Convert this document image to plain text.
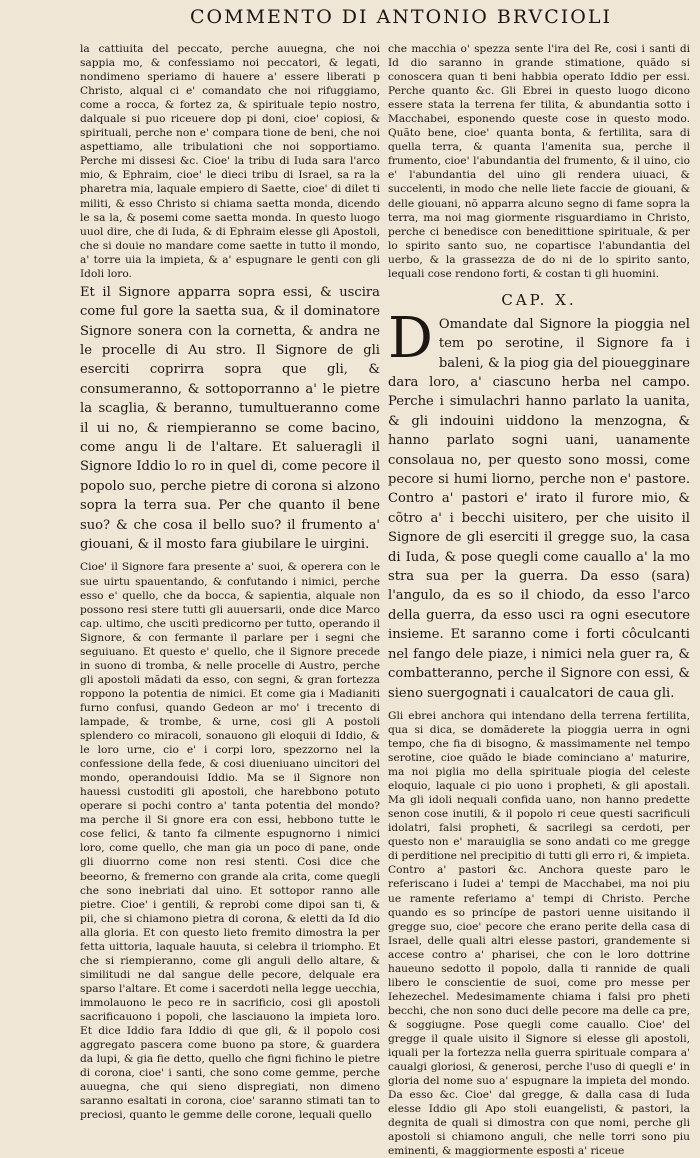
COMMENTO DI ANTONIO BRVCIOLI

la cattiuita del peccato, perche auuegna, che noi sappia mo, & confessiamo noi peccatori, & legati, nondimeno speriamo di hauere a' essere liberati p Christo, alqual ci e' comandato che noi rifuggiamo, come a rocca, & fortez za, & spirituale tepio nostro, dalquale si puo riceuere dop pi doni, cioe' copiosi, & spirituali, perche non e' compara tione de beni, che noi aspettiamo, alle tribulationi che noi sopportiamo. Perche mi dissesi &c. Cioe' la tribu di Iuda sara l'arco mio, & Ephraim, cioe' le dieci tribu di Israel, sa ra la pharetra mia, laquale empiero di Saette, cioe' di dilet ti militi, & esso Christo si chiama saetta monda, dicendo le sa la, & posemi come saetta monda. In questo luogo uuol dire, che di Iuda, & di Ephraim elesse gli Apostoli, che si douie no mandare come saette in tutto il mondo, a' torre uia la impieta, & a' espugnare le genti con gli Idoli loro.

Et il Signore apparra sopra essi, & uscira come ful gore la saetta sua, & il dominatore Signore sonera con la cornetta, & andra ne le procelle di Au stro. Il Signore de gli eserciti coprirra sopra que gli, & consumeranno, & sottoporranno a' le pietre la scaglia, & beranno, tumultueranno come il ui no, & riempieranno se come bacino, come angu li de l'altare. Et salueragli il Signore Iddio lo ro in quel di, come pecore il popolo suo, perche pietre di corona si alzono sopra la terra sua. Per che quanto il bene suo? & che cosa il bello suo? il frumento a' giouani, & il mosto fara giubilare le uirgini.

Cioe' il Signore fara presente a' suoi, & operera con le sue uirtu spauentando, & confutando i nimici, perche esso e' quello, che da bocca, & sapientia, alquale non possono resi stere tutti gli auuersarii, onde dice Marco cap. ultimo, che uscitì predicorno per tutto, operando il Signore, & con fermante il parlare per i segni che seguiuano. Et questo e' quello, che il Signore precede in suono di tromba, & nelle procelle di Austro, perche gli apostoli mãdati da esso, con segni, & gran fortezza roppono la potentia de nimici. Et come gia i Madianiti furno confusi, quando Gedeon ar mo' i trecento di lampade, & trombe, & urne, cosi gli A postoli splendero co miracoli, sonauono gli eloquii di Iddio, & le loro urne, cio e' i corpi loro, spezzorno nel la confessione della fede, & cosi diueniuano uincitori del mondo, operandouisi Iddio. Ma se il Signore non hauessi custoditi gli apostoli, che harebbono potuto operare si pochi contro a' tanta potentia del mondo? ma perche il Si gnore era con essi, hebbono tutte le cose felici, & tanto fa cilmente espugnorno i nimici loro, come quello, che man gia un poco di pane, onde gli diuorrno come non resi stenti. Cosi dice che beeorno, & fremerno con grande ala crita, come quegli che sono inebriati dal uino. Et sottopor ranno alle pietre. Cioe' i gentili, & reprobi come dipoi san ti, & pii, che si chiamono pietra di corona, & eletti da Id dio alla gloria. Et con questo lieto fremito dimostra la per fetta uittoria, laquale hauuta, si celebra il triompho. Et che si riempieranno, come gli anguli dello altare, & similitudi ne dal sangue delle pecore, delquale era sparso l'altare. Et come i sacerdoti nella legge uecchia, immolauono le peco re in sacrificio, cosi gli apostoli sacrificauono i popoli, che lasciauono la impieta loro. Et dice Iddio fara Iddio di que gli, & il popolo cosi aggregato pascera come buono pa store, & guardera da lupi, & gia fie detto, quello che figni fichino le pietre di corona, cioe' i santi, che sono come gemme, perche auuegna, che qui sieno dispregiati, non dimeno saranno esaltati in corona, cioe' saranno stimati tan to preciosi, quanto le gemme delle corone, lequali quello

che macchia o' spezza sente l'ira del Re, cosi i santi di Id dio saranno in grande stimatione, quãdo si conoscera quan ti beni habbia operato Iddio per essi. Perche quanto &c. Gli Ebrei in questo luogo dicono essere stata la terrena fer tilita, & abundantia sotto i Macchabei, esponendo queste cose in questo modo. Quãto bene, cioe' quanta bonta, & fertilita, sara di quella terra, & quanta l'amenita sua, perche il frumento, cioe' l'abundantia del frumento, & il uino, cio e' l'abundantia del uino gli rendera uiuaci, & succelenti, in modo che nelle liete faccie de giouani, & delle giouani, nõ apparra alcuno segno di fame sopra la terra, ma noi mag giormente risguardiamo in Christo, perche ci benedisce con benedittione spirituale, & per lo spirito santo suo, ne copartisce l'abundantia del uerbo, & la grassezza de do ni de lo spirito santo, lequali cose rendono forti, & costan ti gli huomini.

CAP. X.
D Omandate dal Signore la pioggia nel tem po serotine, il Signore fa i baleni, & la piog gia del piouegginare dara loro, a' ciascuno herba nel campo. Perche i simulachri hanno parlato la uanita, & gli indouini uiddono la menzogna, & hanno parlato sogni uani, uanamente consolaua no, per questo sono mossi, come pecore si humi liorno, perche non e' pastore. Contro a' pastori e' irato il furore mio, & cõtro a' i becchi uisitero, per che uisito il Signore de gli eserciti il gregge suo, la casa di Iuda, & pose quegli come cauallo a' la mo stra sua per la guerra. Da esso (sara) l'angulo, da es so il chiodo, da esso l'arco della guerra, da esso usci ra ogni esecutore insieme. Et saranno come i forti côculcanti nel fango dele piaze, i nimici nela guer ra, & combatteranno, perche il Signore con essi, & sieno suergognati i caualcatori de caua gli.

Gli ebrei anchora qui intendano della terrena fertilita, qua si dica, se domãderete la pioggia uerra in ogni tempo, che fia di bisogno, & massimamente nel tempo serotine, cioe quãdo le biade cominciano a' maturire, ma noi piglia mo della spirituale piogia del celeste eloquio, laquale ci pio uono i propheti, & gli apostali. Ma gli idoli nequali confida uano, non hanno predette senon cose inutili, & il popolo ri ceue questi sacrificuli idolatri, falsi propheti, & sacrilegi sa cerdoti, per questo non e' marauiglia se sono andati co me gregge di perditione nel precipitio di tutti gli erro ri, & impieta. Contro a' pastori &c. Anchora queste paro le referiscano i Iudei a' tempi de Macchabei, ma noi piu ue ramente referiamo a' tempi di Christo. Perche quando es so princípe de pastori uenne uisitando il gregge suo, cioe' pecore che erano perite della casa di Israel, delle quali altri elesse pastori, grandemente si accese contro a' pharisei, che con le loro dottrine haueuno sedotto il popolo, dalla ti rannide de quali libero le conscientie de suoi, come pro messe per Iehezechel. Medesimamente chiama i falsi pro pheti becchi, che non sono duci delle pecore ma delle ca pre, & soggiugne. Pose quegli come cauallo. Cioe' del gregge il quale uisito il Signore si elesse gli apostoli, iquali per la fortezza nella guerra spirituale compara a' caualgi gloriosi, & generosi, perche l'uso di quegli e' in gloria del nome suo a' espugnare la impieta del mondo. Da esso &c. Cioe' dal gregge, & dalla casa di Iuda elesse Iddio gli Apo stoli euangelisti, & pastori, la degnita de quali si dimostra con que nomi, perche gli apostoli si chiamono anguli, che nelle torri sono piu eminenti, & maggiormente esposti a' riceue
